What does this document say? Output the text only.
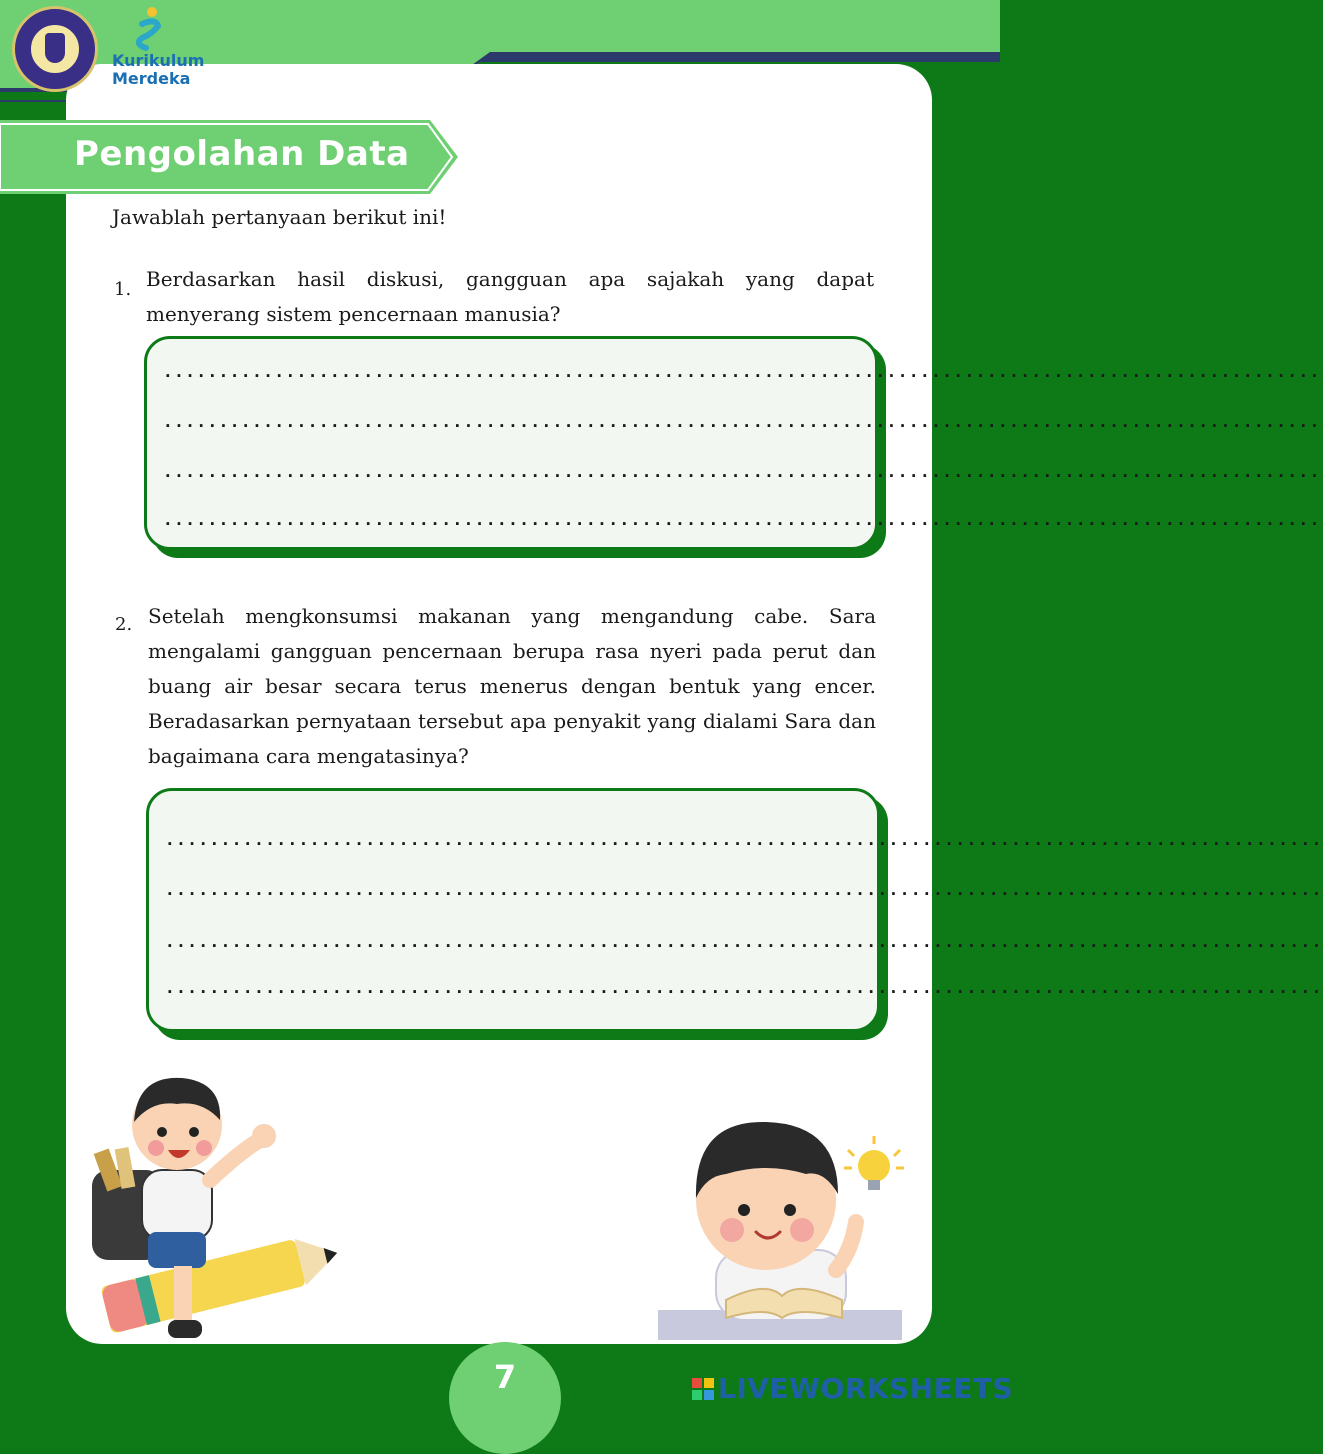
Kurikulum
Merdeka
Pengolahan Data
Jawablah pertanyaan berikut ini!
1. Berdasarkan hasil diskusi, gangguan apa sajakah yang dapat menyerang sistem pencernaan manusia?
........................................................................................................
........................................................................................................
........................................................................................................
........................................................................................................
2. Setelah mengkonsumsi makanan yang mengandung cabe. Sara mengalami gangguan pencernaan berupa rasa nyeri pada perut dan buang air besar secara terus menerus dengan bentuk yang encer. Beradasarkan pernyataan tersebut apa penyakit yang dialami Sara dan bagaimana cara mengatasinya?
........................................................................................................
........................................................................................................
........................................................................................................
........................................................................................................
7	LIVEWORKSHEETS
